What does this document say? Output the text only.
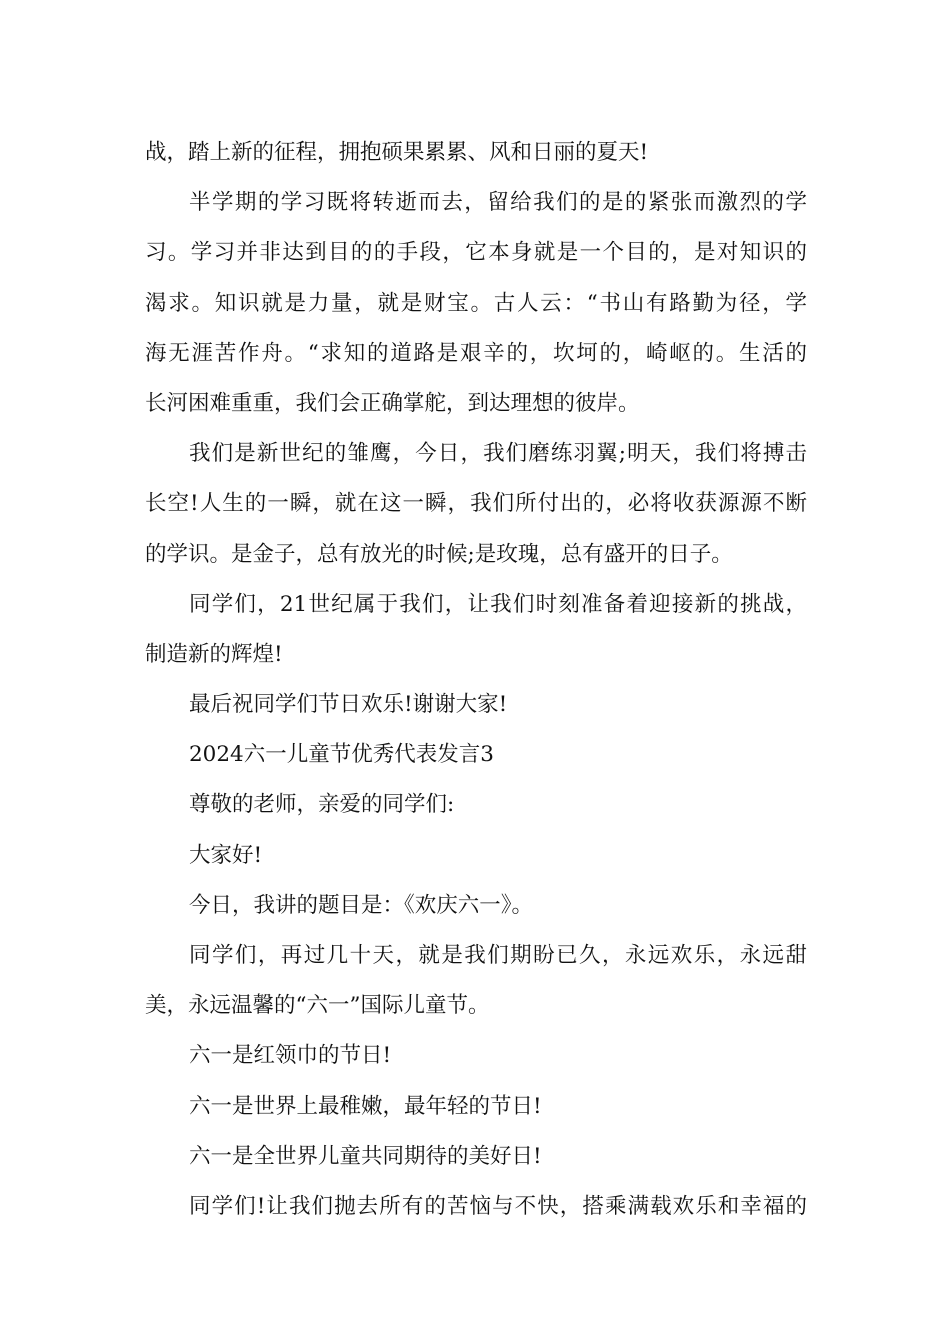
战，踏上新的征程，拥抱硕果累累、风和日丽的夏天!
半学期的学习既将转逝而去，留给我们的是的紧张而激烈的学
习。学习并非达到目的的手段，它本身就是一个目的，是对知识的
渴求。知识就是力量，就是财宝。古人云：“书山有路勤为径，学
海无涯苦作舟。“求知的道路是艰辛的，坎坷的，崎岖的。生活的
长河困难重重，我们会正确掌舵，到达理想的彼岸。
我们是新世纪的雏鹰，今日，我们磨练羽翼;明天，我们将搏击
长空!人生的一瞬，就在这一瞬，我们所付出的，必将收获源源不断
的学识。是金子，总有放光的时候;是玫瑰，总有盛开的日子。
同学们，21世纪属于我们，让我们时刻准备着迎接新的挑战，
制造新的辉煌!
最后祝同学们节日欢乐!谢谢大家!
2024六一儿童节优秀代表发言3
尊敬的老师，亲爱的同学们:
大家好!
今日，我讲的题目是：《欢庆六一》。
同学们，再过几十天，就是我们期盼已久，永远欢乐，永远甜
美，永远温馨的“六一”国际儿童节。
六一是红领巾的节日!
六一是世界上最稚嫩，最年轻的节日!
六一是全世界儿童共同期待的美好日!
同学们!让我们抛去所有的苦恼与不快，搭乘满载欢乐和幸福的
